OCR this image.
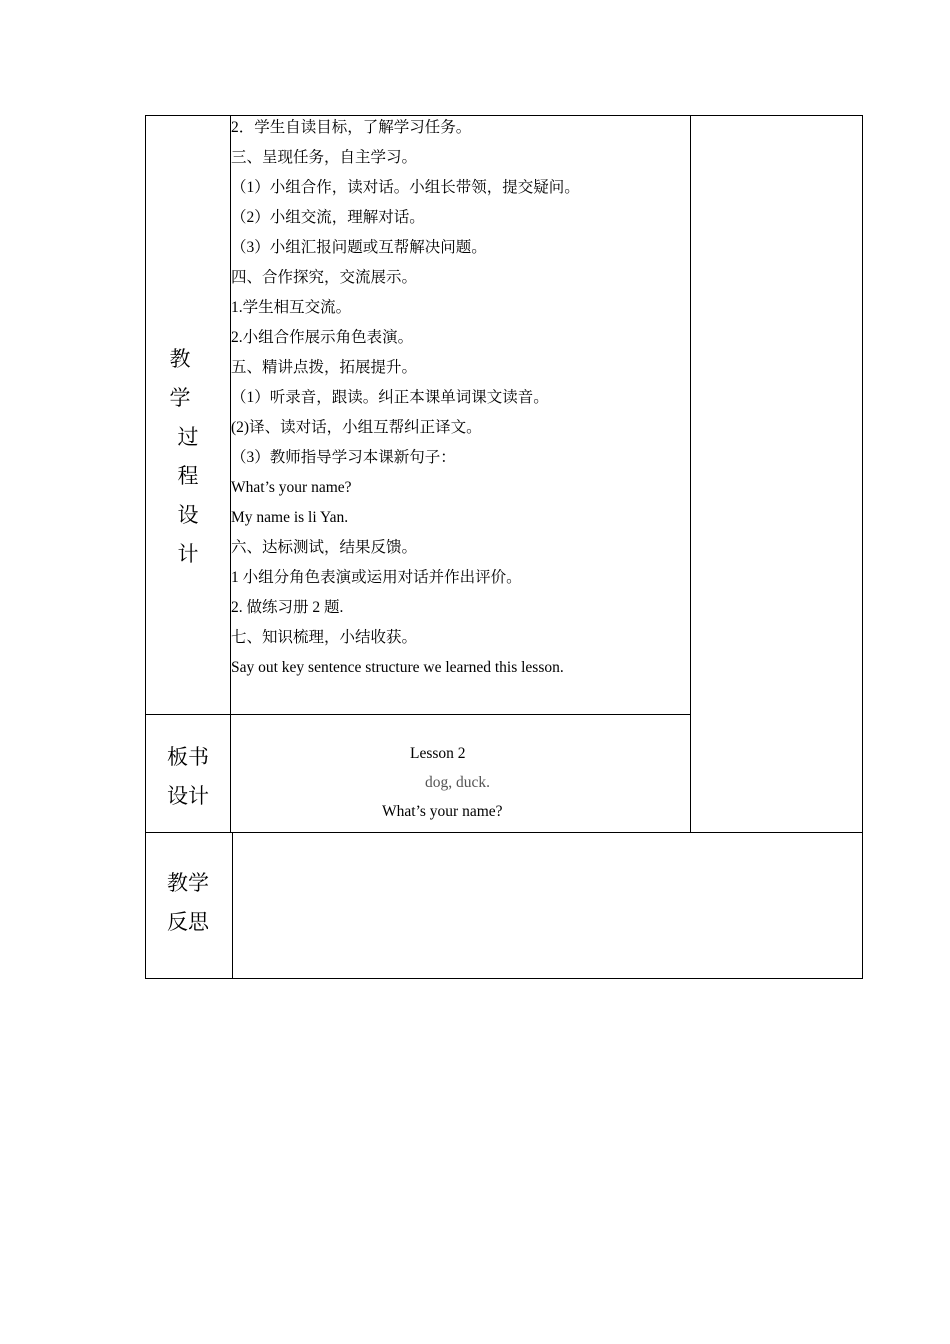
教
学
过
程
设
计
2．学生自读目标，了解学习任务。
三、呈现任务，自主学习。
（1）小组合作，读对话。小组长带领，提交疑问。
（2）小组交流，理解对话。
（3）小组汇报问题或互帮解决问题。
四、合作探究，交流展示。
1.学生相互交流。
2.小组合作展示角色表演。
五、精讲点拨，拓展提升。
（1）听录音，跟读。纠正本课单词课文读音。
(2)译、读对话，小组互帮纠正译文。
（3）教师指导学习本课新句子：
What’s your name?
My name is li Yan.
六、达标测试，结果反馈。
1 小组分角色表演或运用对话并作出评价。
2. 做练习册 2 题.
七、知识梳理，小结收获。
Say out key sentence structure we learned this lesson.
板书
设计
Lesson 2
dog, duck.
What’s your name?
教学
反思
